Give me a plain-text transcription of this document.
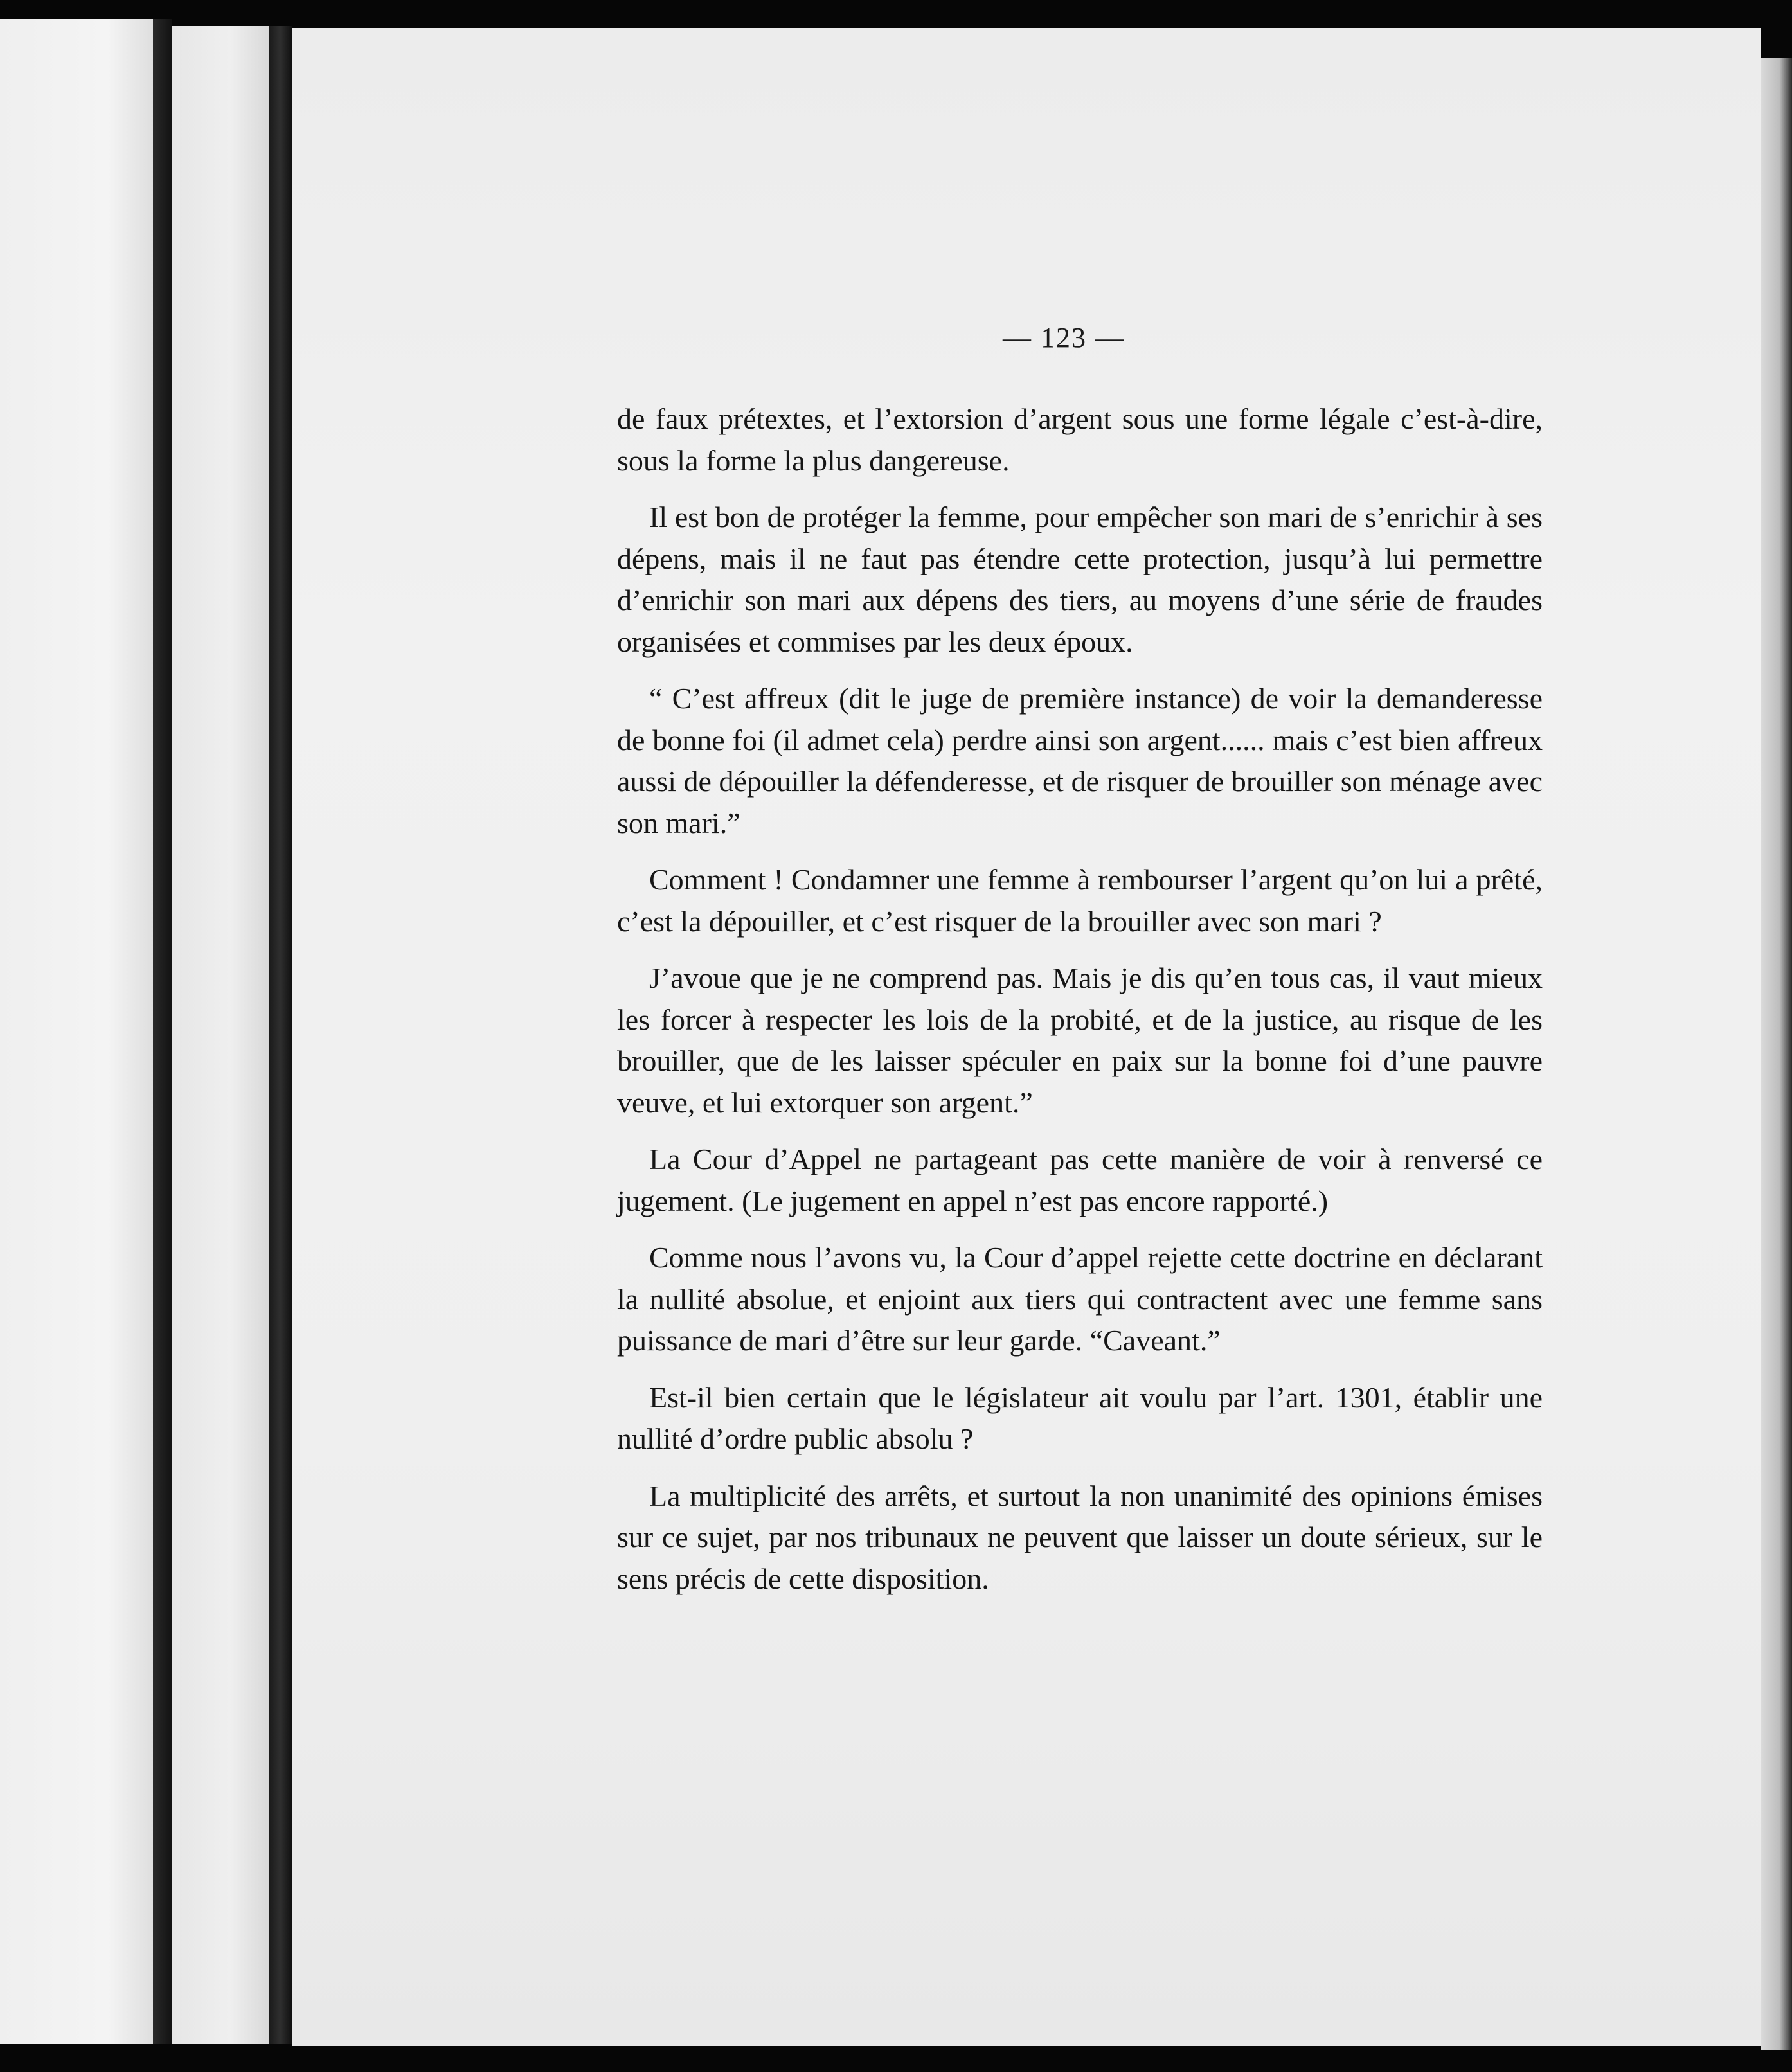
— 123 —

de faux prétextes, et l’extorsion d’argent sous une forme légale c’est-à-dire, sous la forme la plus dangereuse.

Il est bon de protéger la femme, pour empêcher son mari de s’enrichir à ses dépens, mais il ne faut pas étendre cette protection, jusqu’à lui permettre d’enrichir son mari aux dépens des tiers, au moyens d’une série de fraudes organisées et commises par les deux époux.

“ C’est affreux (dit le juge de première instance) de voir la demanderesse de bonne foi (il admet cela) perdre ainsi son argent...... mais c’est bien affreux aussi de dépouiller la défenderesse, et de risquer de brouiller son ménage avec son mari.”

Comment ! Condamner une femme à rembourser l’argent qu’on lui a prêté, c’est la dépouiller, et c’est risquer de la brouiller avec son mari ?

J’avoue que je ne comprend pas. Mais je dis qu’en tous cas, il vaut mieux les forcer à respecter les lois de la probité, et de la justice, au risque de les brouiller, que de les laisser spéculer en paix sur la bonne foi d’une pauvre veuve, et lui extorquer son argent.”

La Cour d’Appel ne partageant pas cette manière de voir à renversé ce jugement. (Le jugement en appel n’est pas encore rapporté.)

Comme nous l’avons vu, la Cour d’appel rejette cette doctrine en déclarant la nullité absolue, et enjoint aux tiers qui contractent avec une femme sans puissance de mari d’être sur leur garde. “Caveant.”

Est-il bien certain que le législateur ait voulu par l’art. 1301, établir une nullité d’ordre public absolu ?

La multiplicité des arrêts, et surtout la non unanimité des opinions émises sur ce sujet, par nos tribunaux ne peuvent que laisser un doute sérieux, sur le sens précis de cette disposition.
